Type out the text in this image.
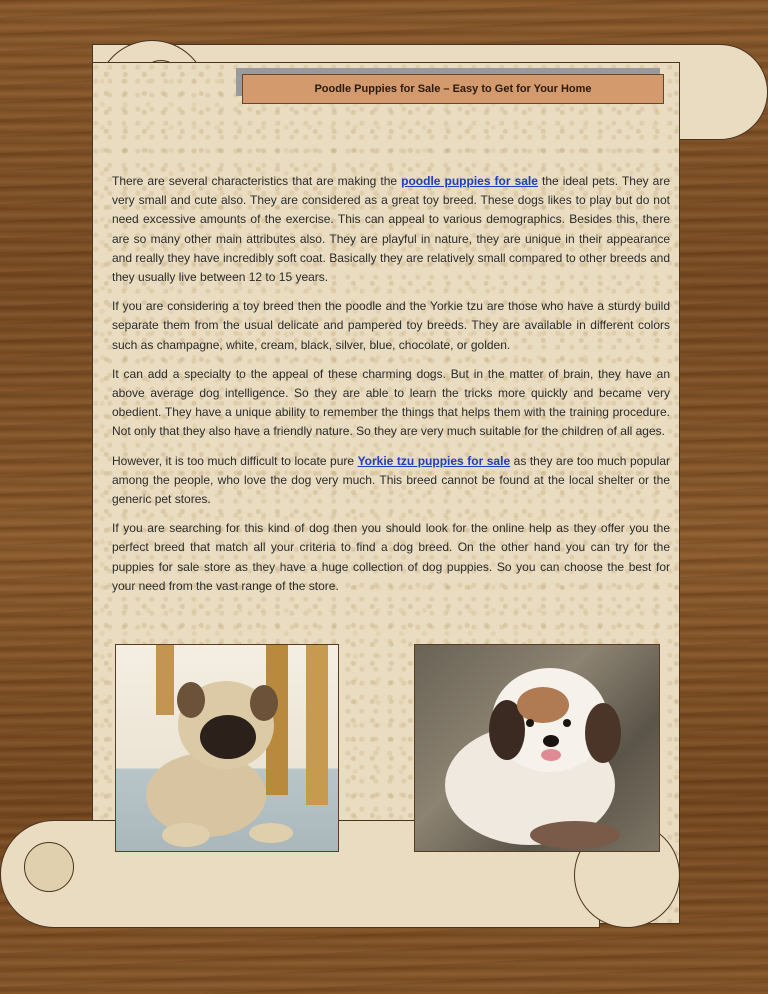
Poodle Puppies for Sale – Easy to Get for Your Home

There are several characteristics that are making the poodle puppies for sale the ideal pets. They are very small and cute also. They are considered as a great toy breed. These dogs likes to play but do not need excessive amounts of the exercise. This can appeal to various demographics. Besides this, there are so many other main attributes also. They are playful in nature, they are unique in their appearance and really they have incredibly soft coat. Basically they are relatively small compared to other breeds and they usually live between 12 to 15 years.

If you are considering a toy breed then the poodle and the Yorkie tzu are those who have a sturdy build separate them from the usual delicate and pampered toy breeds. They are available in different colors such as champagne, white, cream, black, silver, blue, chocolate, or golden.

It can add a specialty to the appeal of these charming dogs. But in the matter of brain, they have an above average dog intelligence. So they are able to learn the tricks more quickly and became very obedient. They have a unique ability to remember the things that helps them with the training procedure. Not only that they also have a friendly nature. So they are very much suitable for the children of all ages.

However, it is too much difficult to locate pure Yorkie tzu puppies for sale as they are too much popular among the people, who love the dog very much. This breed cannot be found at the local shelter or the generic pet stores.

If you are searching for this kind of dog then you should look for the online help as they offer you the perfect breed that match all your criteria to find a dog breed. On the other hand you can try for the puppies for sale store as they have a huge collection of dog puppies. So you can choose the best for your need from the vast range of the store.
